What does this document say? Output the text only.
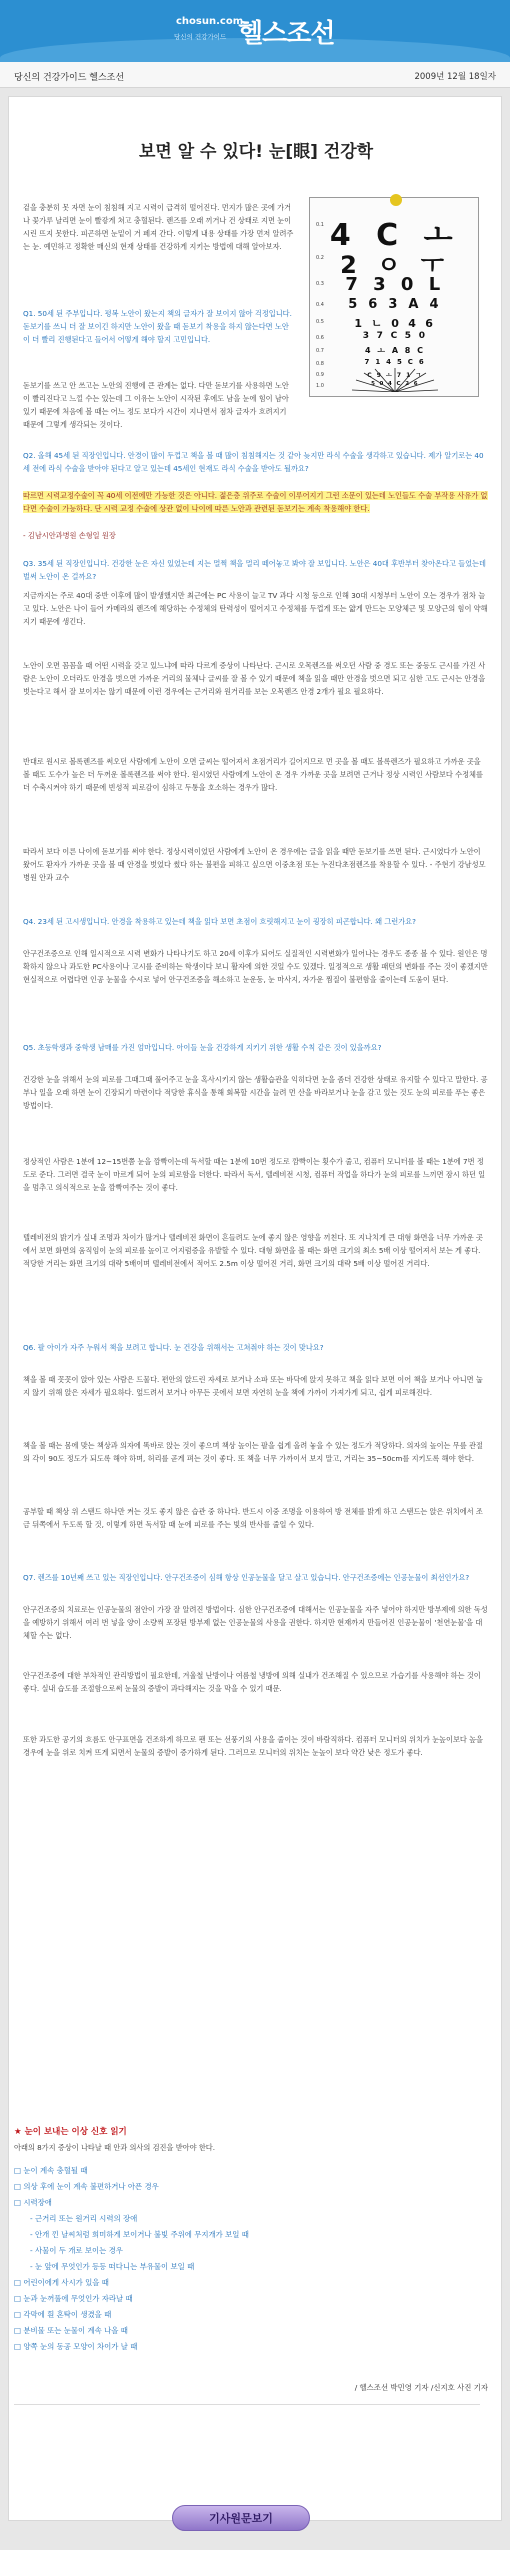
chosun.com
당신의 건강가이드 헬스조선
당신의 건강가이드 헬스조선	2009년 12월 18일자
보면 알 수 있다! 눈[眼] 건강학
4 C ㅗ
0.1
2 ㅇ ㅜ
0.2
7 3 0 L
0.3
5 6 3 A 4
0.4
1 ㄴ 0 4 6
0.5
3 7 C 5 0
0.6
4 ㅗ A 8 C
0.7
7 1 4 5 C 6
0.8
C 9 ㅗ 7 1 ㄱ
0.9
5 0 4 C 2 6
1.0

겉을 충분히 못 자면 눈이 침침해 지고 시력이 급격히 떨어진다. 먼지가 많은 곳에 가거나 꽃가루 날리면 눈이 빨갛게 쳐고 충혈된다. 렌즈를 오래 끼거나 건 상태로 지면 눈이 시린 뜨지 못한다. 피곤하면 눈밑이 거 페져 간다. 이렇게 내용 상태를 가장 먼저 알려주는 눈. 예민하고 정확한 매신의 현재 상태를 건강하게 지키는 방법에 대해 알아보자.

Q1. 50세 된 주부입니다. 평복 노안이 왔는지 책의 글자가 잘 보이지 않아 걱정입니다. 돋보기를 쓰니 더 잘 보이긴 하지만 노안이 왔을 때 돋보기 착용을 하지 않는다면 노안이 더 빨리 진행된다고 들어서 어떻게 해야 할지 고민입니다.

돋보기를 쓰고 안 쓰고는 노안의 진행에 큰 관계는 없다. 다만 돋보기를 사용하면 노안이 빨리진다고 느낄 수는 있는데 그 이유는 노안이 시작된 후에도 남을 눈에 힘이 남아 있기 때문에 처음에 볼 때는 어느 정도 보다가 시간이 지나면서 점차 글자가 흐려지기 때문에 그렇게 생각되는 것이다.

Q2. 올해 45세 된 직장인입니다. 안경이 많이 두껍고 책을 볼 때 많이 침침해지는 것 같아 늦지만 라식 수술을 생각하고 있습니다. 제가 알기로는 40세 전에 라식 수술을 받아야 된다고 알고 있는데 45세인 현재도 라식 수술을 받아도 될까요?

따르면 시력교정수술이 꼭 40세 이전에만 가능한 것은 아니다. 젊은층 위주로 수술이 이루어지기 그런 소문이 있는데 노인들도 수술 부작용 사유가 없다면 수술이 가능하다. 단 시력 교정 수술에 상관 없이 나이에 따른 노안과 관련된 돋보기는 계속 착용해야 한다.

- 김남시안과병원 손형일 원장

Q3. 35세 된 직장인입니다. 건강한 눈은 자신 있었는데 지는 멀쩍 책을 멀리 떼어놓고 봐야 잘 보입니다. 노안은 40대 후반부터 찾아온다고 들었는데 벌써 노안이 온 걸까요?

지금까지는 주로 40대 중반 이후에 많이 발생했지만 최근에는 PC 사용이 늘고 TV 과다 시청 등으로 인해 30대 시청부터 노안이 오는 경우가 점차 늘고 있다. 노안은 나이 들어 카메라의 렌즈에 해당하는 수정체의 탄력성이 떨어지고 수정체를 두껍게 또는 얇게 만드는 모양체근 및 모양근의 힘이 약해지기 때문에 생긴다.

노안이 오면 꼼꼼을 때 어떤 시력을 갖고 있느냐에 따라 다르게 증상이 나타난다. 근시로 오목렌즈를 써오던 사람 중 경도 또는 중등도 근시를 가진 사람은 노안이 오더라도 안경을 벗으면 가까운 거리의 물체나 글씨를 잘 볼 수 있기 때문에 책을 읽을 때만 안경을 벗으면 되고 심한 고도 근시는 안경을 벗는다고 해서 잘 보이지는 않기 때문에 이런 경우에는 근거리와 원거리를 보는 오목렌즈 안경 2개가 필요 필요하다.

반대로 원시로 볼록렌즈를 써오던 사람에게 노안이 오면 글씨는 떨어져서 초점거리가 길어지므로 먼 곳을 볼 때도 볼록렌즈가 필요하고 가까운 곳을 볼 때도 도수가 높은 더 두꺼운 볼록렌즈를 써야 한다. 원시였던 사람에게 노안이 온 경우 가까운 곳을 보려면 근거나 정상 시력인 사람보다 수정체를 더 수축시켜야 하기 때문에 빈성적 피로감이 심하고 두통을 호소하는 경우가 많다.

따라서 보다 이른 나이에 돋보기를 써야 한다. 정상시력이었던 사람에게 노안이 온 경우에는 글을 읽을 때만 돋보기를 쓰면 된다. 근시였다가 노안이 왔어도 환자가 가까운 곳을 볼 때 안경을 벗었다 썼다 하는 불편을 피하고 싶으면 이중초점 또는 누진다초점렌즈를 착용할 수 있다. - 주현기 강남성모병원 안과 교수

Q4. 23세 된 고시생입니다. 안경을 착용하고 있는데 책을 읽다 보면 초점이 흐릿해지고 눈이 굉장히 피곤합니다. 왜 그런가요?

안구건조증으로 인해 일시적으로 시력 변화가 나타나기도 하고 20세 이후가 되어도 실질적인 시력변화가 일어나는 경우도 종종 볼 수 있다. 원인은 명확하지 않으나 과도한 PC사용이나 고시를 준비하는 학생이다 보니 활자에 의한 것일 수도 있겠다. 일정적으로 생활 패턴의 변화를 주는 것이 좋겠지만 현실적으로 어렵다면 인공 눈물을 수시로 넣어 안구건조증을 해소하고 눈운동, 눈 마사지, 자가운 찜질이 불편함을 줄이는데 도움이 된다.

Q5. 초등학생과 중학생 남매를 가진 엄마입니다. 아이들 눈을 건강하게 지키기 위한 생활 수칙 같은 것이 있을까요?

건강한 눈을 위해서 눈의 피로를 그때그때 풀어주고 눈을 혹사시키지 않는 생활습관을 익히다면 눈을 좀더 건강한 상태로 유지할 수 있다고 말한다. 공부나 일을 오래 하면 눈이 긴장되기 마련이다 적당한 휴식을 통해 회복할 시간을 늘려 먼 산을 바라보거나 눈을 감고 있는 것도 눈의 피로를 푸는 좋은 방법이다.

정상적인 사람은 1분에 12~15번쯤 눈을 깜빡이는데 독서할 때는 1분에 10번 정도로 깜빡이는 횟수가 줄고, 컴퓨터 모니터를 볼 때는 1분에 7번 정도로 준다. 그러면 결국 눈이 마르게 되어 눈의 피로함을 더한다. 따라서 독서, 텔레비전 시청, 컴퓨터 작업을 하다가 눈의 피로를 느끼면 잠시 하던 일을 멈추고 의식적으로 눈을 깜빡여주는 것이 좋다.

텔레비전의 밝기가 실내 조명과 차이가 많거나 텔레비전 화면이 흔들려도 눈에 좋지 않은 영향을 끼친다. 또 지나치게 큰 대형 화면을 너무 가까운 곳에서 보면 화면의 움직임이 눈의 피로를 높이고 어지럼증을 유발할 수 있다. 대형 화면을 볼 때는 화면 크기의 최소 5배 이상 떨어져서 보는 게 좋다. 적당한 거리는 화면 크기의 대략 5배이며 텔레비전에서 적어도 2.5m 이상 떨어진 거리, 화면 크기의 대략 5배 이상 떨어진 거리다.

Q6. 팔 아이가 자주 누워서 책을 보려고 합니다. 눈 건강을 위해서는 고쳐줘야 하는 것이 맞나요?

책을 볼 때 꼿꼿이 앉아 있는 사람은 드물다. 편안의 앉드린 자세로 보거나 소파 또는 바닥에 앉지 못하고 책을 읽다 보면 이어 책을 보거나 아니면 눕지 않기 위해 앉은 자세가 필요하다. 엎드려서 보거나 아무든 곳에서 보면 자연히 눈을 책에 가까이 가져가게 되고, 쉽게 피로해진다.

책을 볼 때는 몸에 맞는 책상과 의자에 똑바로 앉는 것이 좋으며 책상 높이는 팔을 쉽게 올려 놓을 수 있는 정도가 적당하다. 의자의 높이는 무릎 관절의 각이 90도 정도가 되도록 해야 하며, 허리를 곧게 펴는 것이 좋다. 또 책을 너무 가까이서 보지 말고, 거리는 35~50cm를 지키도록 해야 한다.

공부할 때 책상 위 스탠드 하나만 켜는 것도 좋지 않은 습관 중 하나다. 반드시 이중 조명을 이용하여 방 전체를 밝게 하고 스탠드는 앉은 위치에서 조금 뒤쪽에서 두도록 할 것, 이렇게 하면 독서할 때 눈에 피로를 주는 빛의 반사를 줄일 수 있다.

Q7. 렌즈를 10년째 쓰고 있는 직장인입니다. 안구건조증이 심해 항상 인공눈물을 달고 살고 있습니다. 안구건조증에는 인공눈물이 최선인가요?

안구건조증의 치료로는 인공눈물의 점안이 가장 잘 알려진 방법이다. 심한 안구건조증에 대해서는 인공눈물을 자주 넣어야 하지만 방부제에 의한 독성을 예방하기 위해서 여러 번 넣을 양이 소량씩 포장된 방부제 없는 인공눈물의 사용을 권한다. 하지만 현재까지 만들어진 인공눈물이 '천연눈물'을 대체할 수는 없다.

안구건조증에 대한 부차적인 관리방법이 필요한데, 겨울철 난방이나 여름철 냉방에 의해 실내가 건조해질 수 있으므로 가습기를 사용해야 하는 것이 좋다. 실내 습도를 조절함으로써 눈물의 증발이 과다해지는 것을 막을 수 있기 때문.

또한 과도한 공기의 흐름도 안구표면을 건조하게 하므로 팬 또는 선풍기의 사용을 줄이는 것이 바람직하다. 컴퓨터 모니터의 위치가 눈높이보다 높을 경우에 눈을 위로 치켜 뜨게 되면서 눈물의 증발이 증가하게 된다. 그러므로 모니터의 위치는 눈높이 보다 약간 낮은 정도가 좋다.

★ 눈이 보내는 이상 신호 읽기
아래의 8가지 증상이 나타날 때 안과 의사의 검진을 받아야 한다.
□ 눈이 계속 충혈될 때
□ 의상 후에 눈이 계속 불편하거나 아픈 경우
□ 시력장애
- 근거리 또는 원거리 시력의 장애
- 안개 낀 날씨처럼 희미하게 보이거나 불빛 주위에 무지개가 보일 때
- 사물이 두 개로 보이는 경우
- 눈 앞에 무엇인가 등등 떠다니는 부유물이 보일 때
□ 어린이에게 사시가 있을 때
□ 눈과 눈꺼풀에 무엇인가 자라날 때
□ 각막에 흰 혼탁이 생겼을 때
□ 분비물 또는 눈물이 계속 나올 때
□ 양쪽 눈의 동공 모양이 차이가 날 때
/ 헬스조선 박민영 기자 /신지호 사진 기자
기사원문보기
